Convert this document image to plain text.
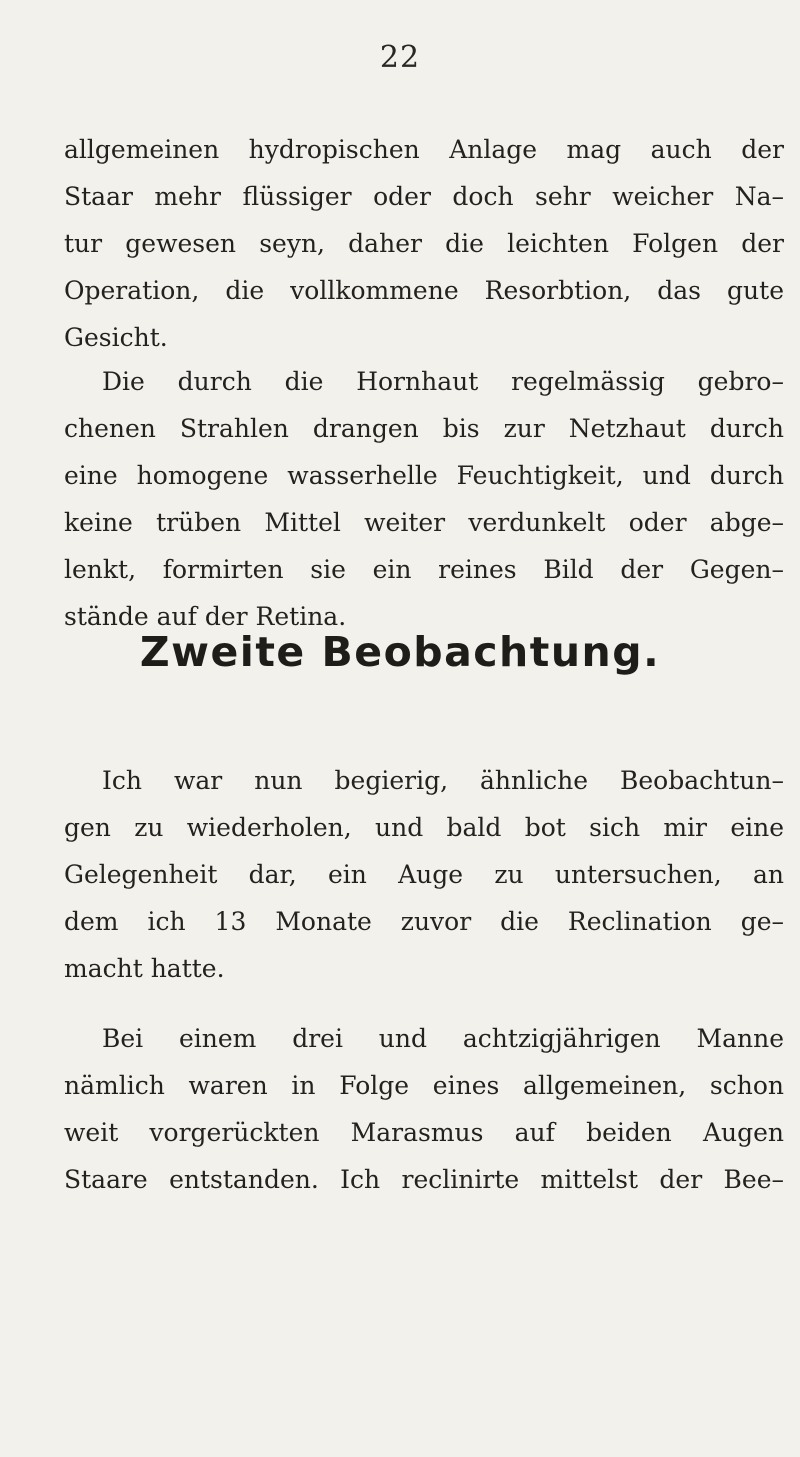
22
allgemeinen hydropischen Anlage mag auch der
Staar mehr flüssiger oder doch sehr weicher Na–
tur gewesen seyn, daher die leichten Folgen der
Operation, die vollkommene Resorbtion, das gute
Gesicht.
Die durch die Hornhaut regelmässig gebro–
chenen Strahlen drangen bis zur Netzhaut durch
eine homogene wasserhelle Feuchtigkeit, und durch
keine trüben Mittel weiter verdunkelt oder abge–
lenkt, formirten sie ein reines Bild der Gegen–
stände auf der Retina.
Zweite Beobachtung.
Ich war nun begierig, ähnliche Beobachtun–
gen zu wiederholen, und bald bot sich mir eine
Gelegenheit dar, ein Auge zu untersuchen, an
dem ich 13 Monate zuvor die Reclination ge–
macht hatte.
Bei einem drei und achtzigjährigen Manne
nämlich waren in Folge eines allgemeinen, schon
weit vorgerückten Marasmus auf beiden Augen
Staare entstanden. Ich reclinirte mittelst der Bee–
